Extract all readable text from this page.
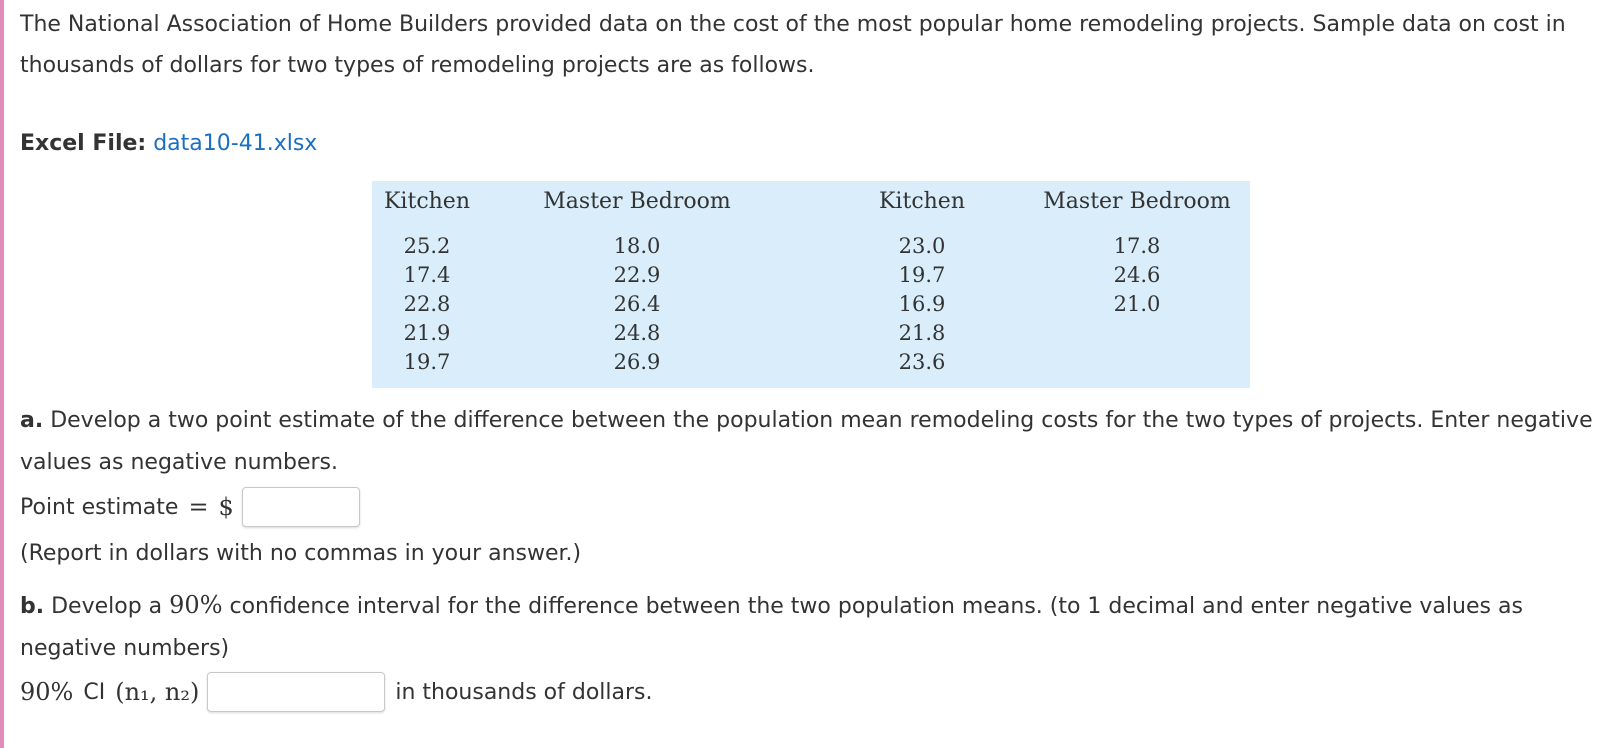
The National Association of Home Builders provided data on the cost of the most popular home remodeling projects. Sample data on cost in thousands of dollars for two types of remodeling projects are as follows.

Excel File: data10-41.xlsx
Kitchen
25.2
17.4
22.8
21.9
19.7
Master Bedroom
18.0
22.9
26.4
24.8
26.9
Kitchen
23.0
19.7
16.9
21.8
23.6
Master Bedroom
17.8
24.6
21.0
a. Develop a two point estimate of the difference between the population mean remodeling costs for the two types of projects. Enter negative values as negative numbers.
Point estimate = $
(Report in dollars with no commas in your answer.)
b. Develop a 90% confidence interval for the difference between the two population means. (to 1 decimal and enter negative values as negative numbers)
90% CI (n₁, n₂)	in thousands of dollars.
